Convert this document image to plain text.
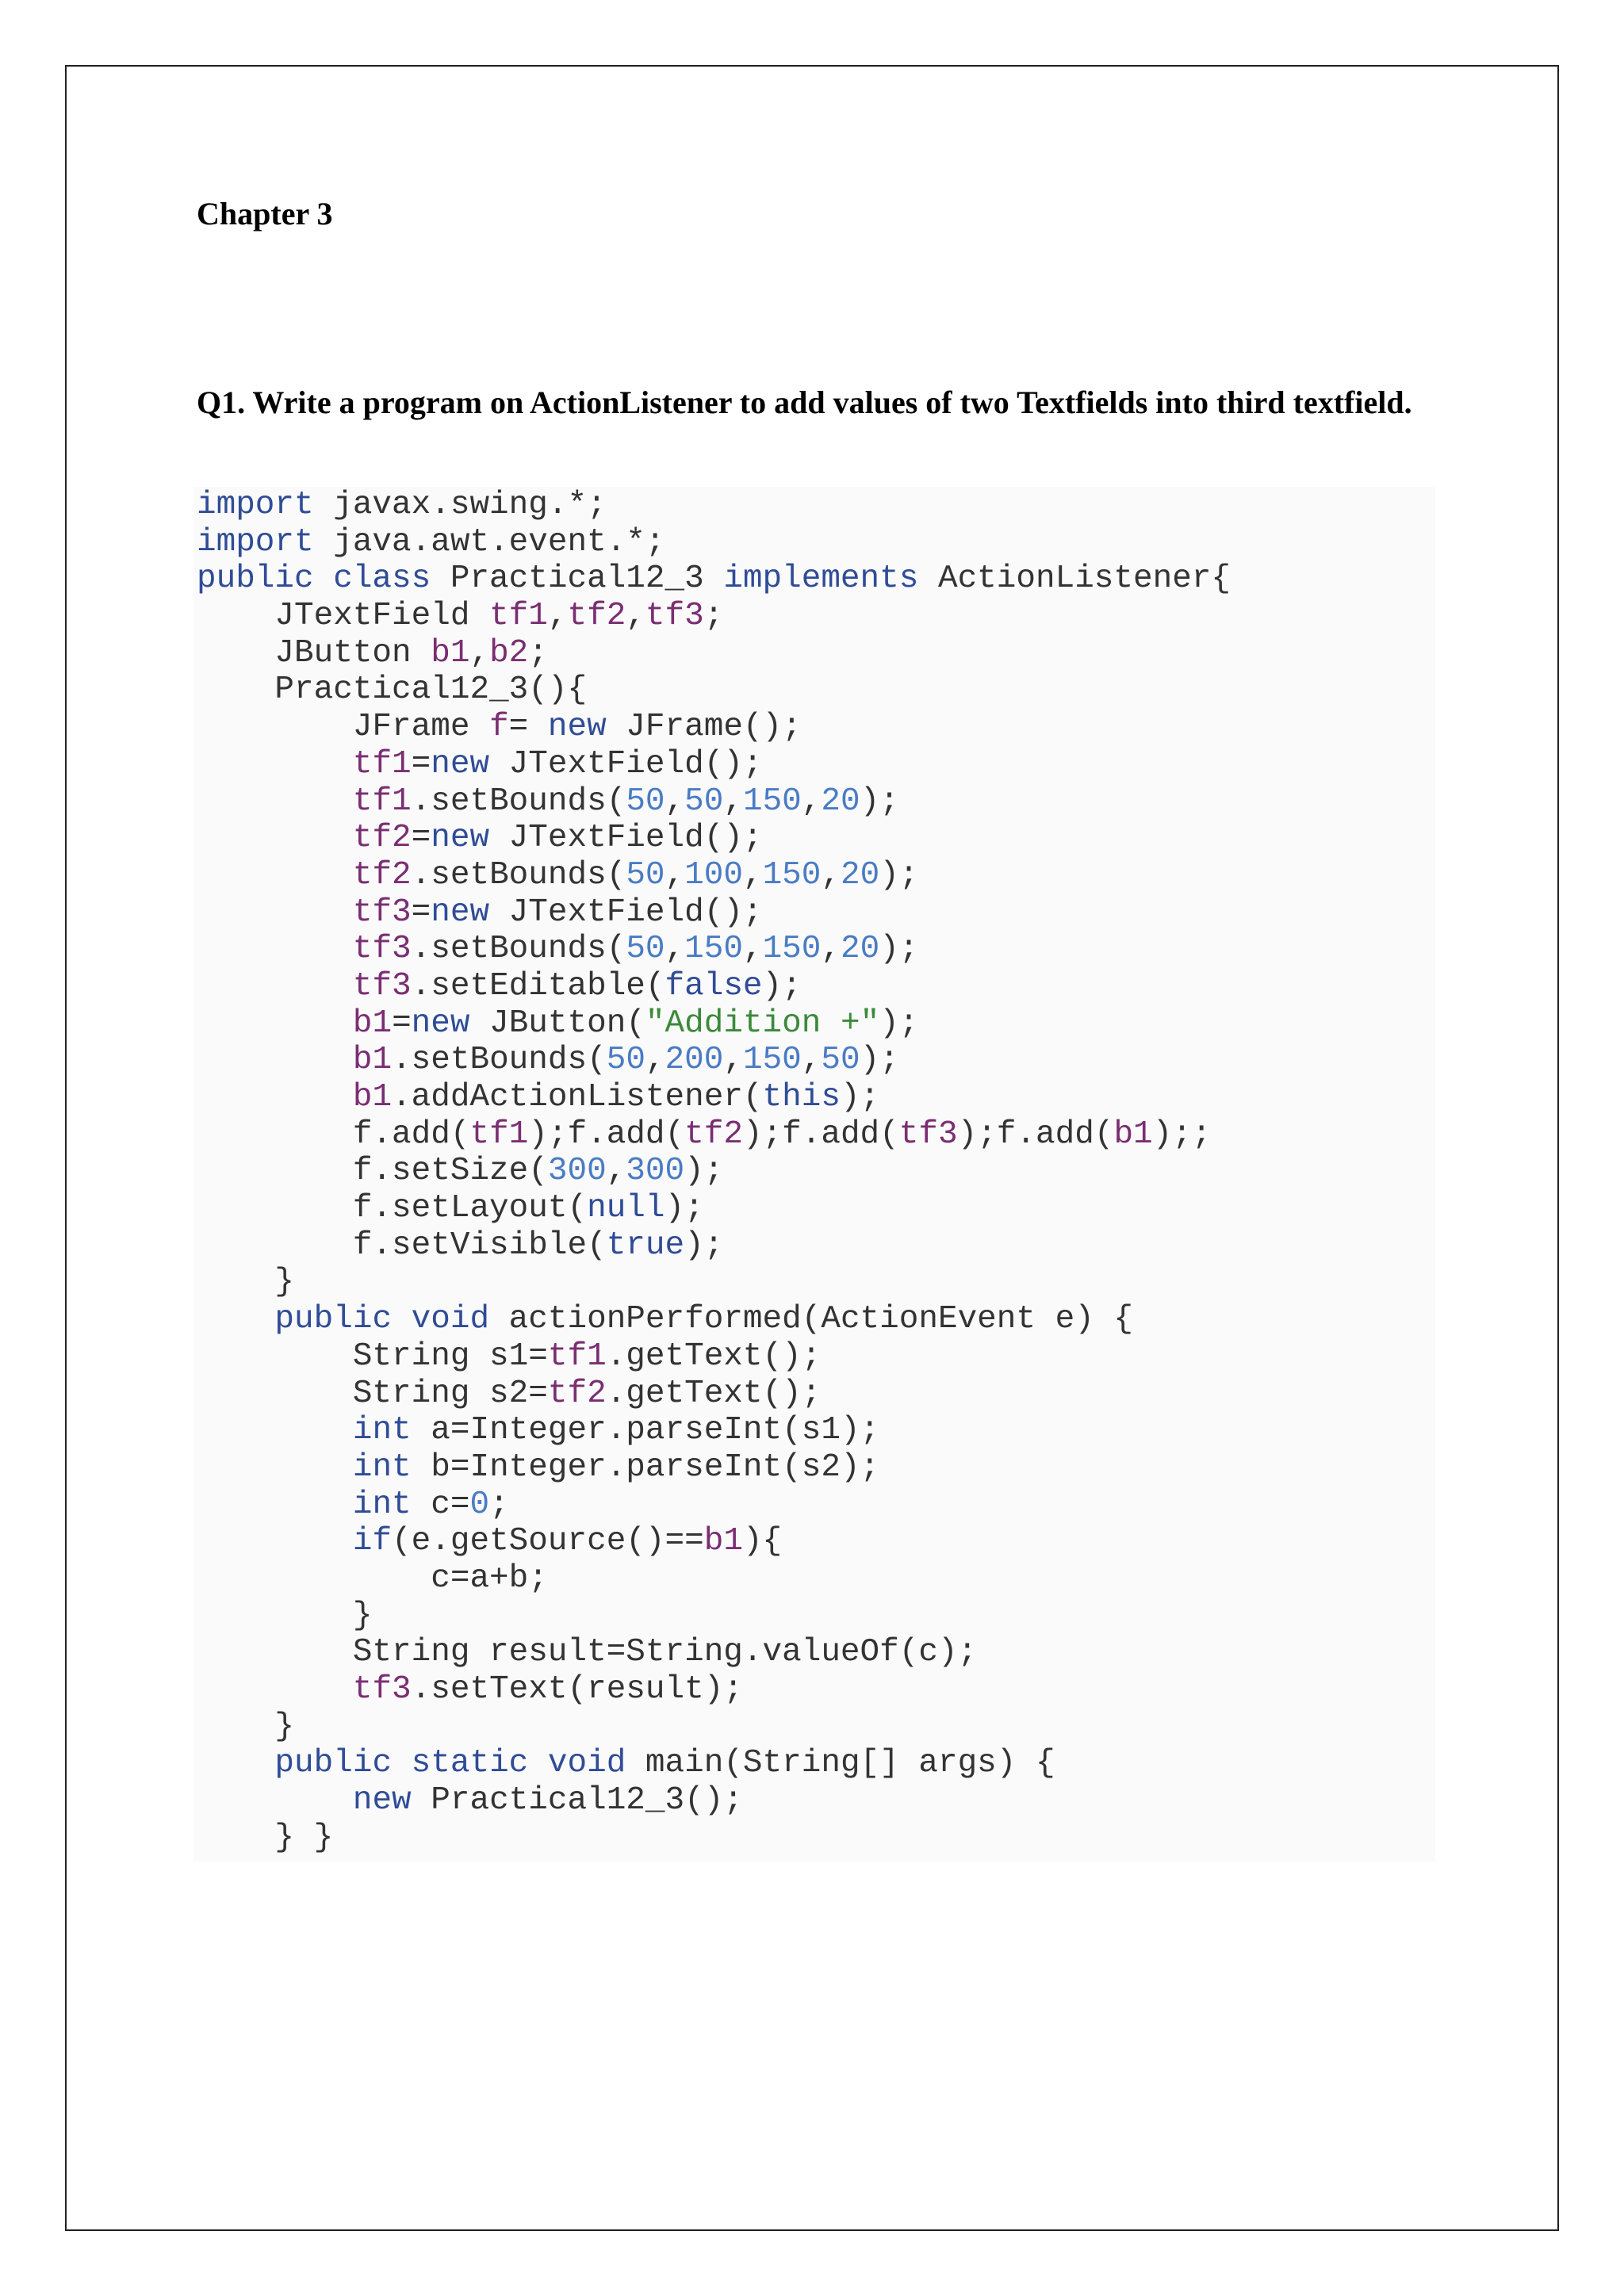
Chapter 3

Q1. Write a program on ActionListener to add values of two Textfields into third textfield.

import javax.swing.*;
import java.awt.event.*;
public class Practical12_3 implements ActionListener{
JTextField tf1,tf2,tf3;
JButton b1,b2;
Practical12_3(){
JFrame f= new JFrame();
tf1=new JTextField();
tf1.setBounds(50,50,150,20);
tf2=new JTextField();
tf2.setBounds(50,100,150,20);
tf3=new JTextField();
tf3.setBounds(50,150,150,20);
tf3.setEditable(false);
b1=new JButton("Addition +");
b1.setBounds(50,200,150,50);
b1.addActionListener(this);
f.add(tf1);f.add(tf2);f.add(tf3);f.add(b1);;
f.setSize(300,300);
f.setLayout(null);
f.setVisible(true);
}
public void actionPerformed(ActionEvent e) {
String s1=tf1.getText();
String s2=tf2.getText();
int a=Integer.parseInt(s1);
int b=Integer.parseInt(s2);
int c=0;
if(e.getSource()==b1){
c=a+b;
}
String result=String.valueOf(c);
tf3.setText(result);
}
public static void main(String[] args) {
new Practical12_3();
} }
